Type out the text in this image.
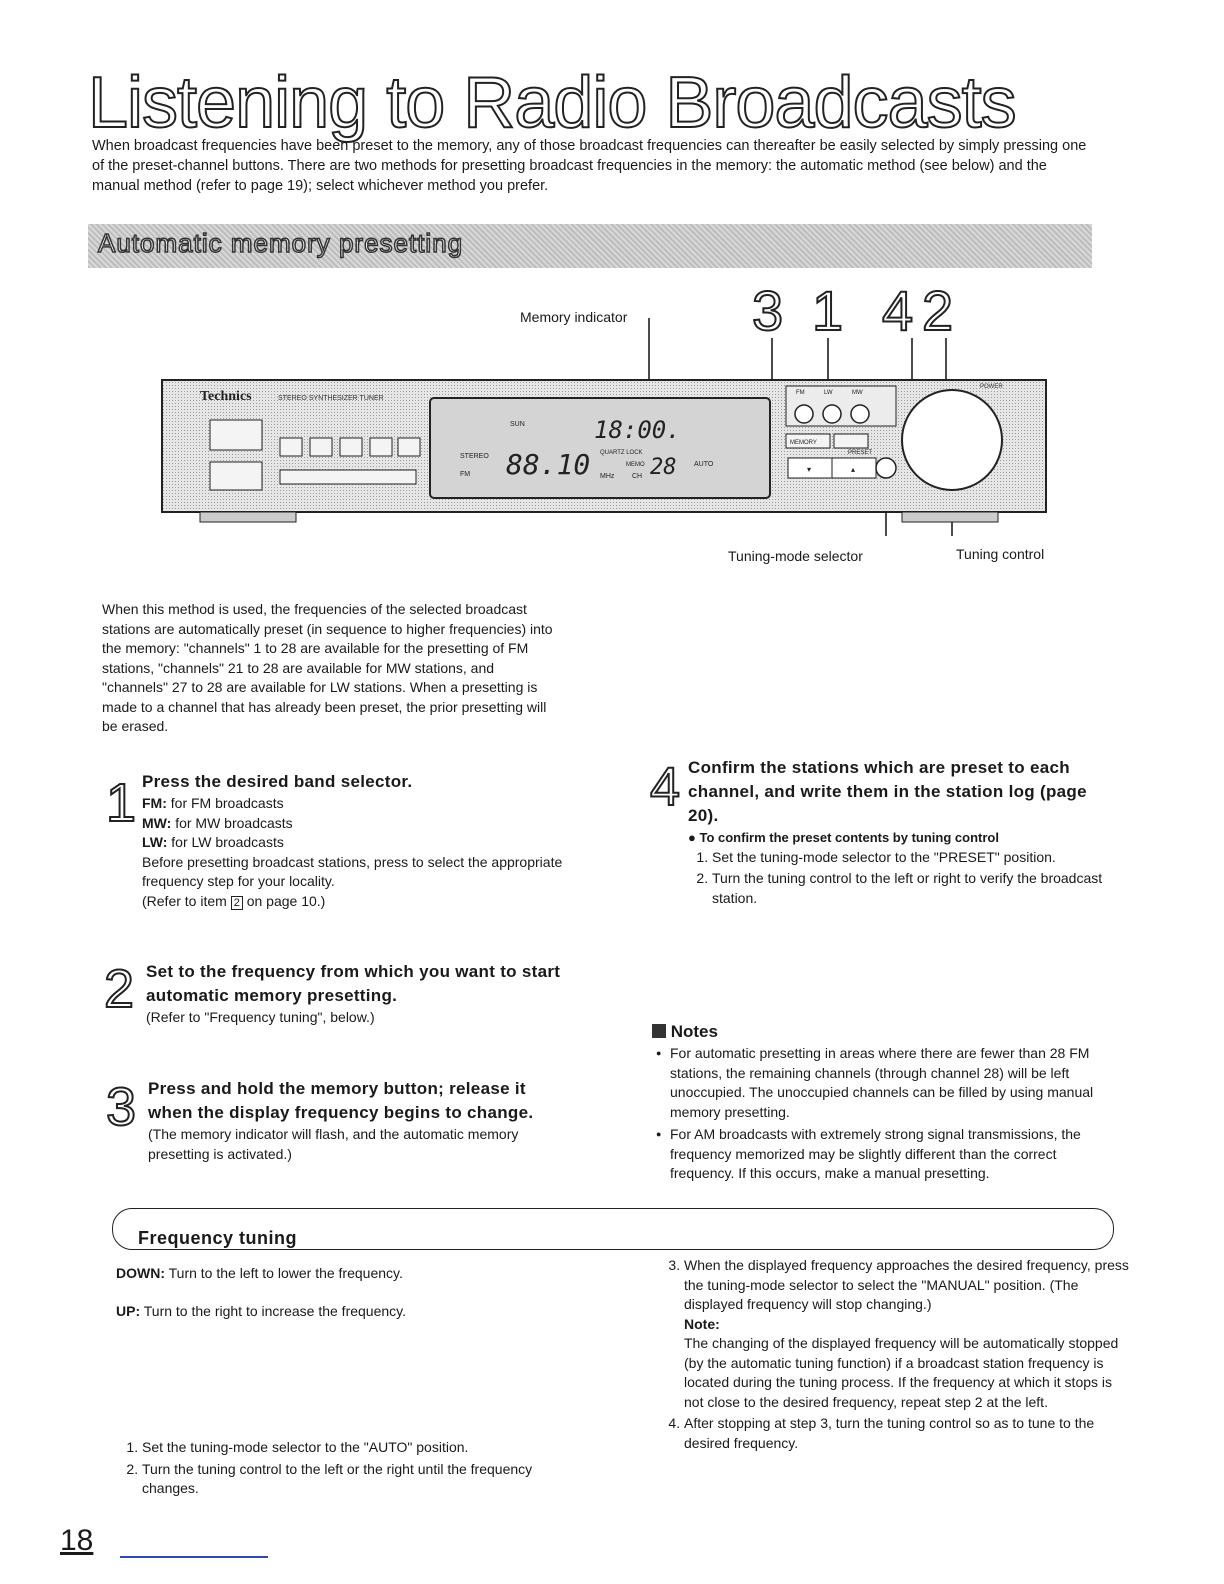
Listening to Radio Broadcasts
When broadcast frequencies have been preset to the memory, any of those broadcast frequencies can thereafter be easily selected by simply pressing one of the preset-channel buttons. There are two methods for presetting broadcast frequencies in the memory: the automatic method (see below) and the manual method (refer to page 19); select whichever method you prefer.
Automatic memory presetting
Memory indicator 3 1 4 2
Tuning-mode selector	Tuning control
Technics	STEREO SYNTHESIZER TUNER
SUN	18:00.
STEREO
FM 88.10 MHz
QUARTZ LOCK
MEMO
CH 28	AUTO
FM	LW	MW
MEMORY
PRESET
▾	▴
POWER
When this method is used, the frequencies of the selected broadcast stations are automatically preset (in sequence to higher frequencies) into the memory: "channels" 1 to 28 are available for the presetting of FM stations, "channels" 21 to 28 are available for MW stations, and "channels" 27 to 28 are available for LW stations. When a presetting is made to a channel that has already been preset, the prior presetting will be erased.
1 Press the desired band selector.
FM: for FM broadcasts
MW: for MW broadcasts
LW: for LW broadcasts
Before presetting broadcast stations, press to select the appropriate frequency step for your locality.
(Refer to item 2 on page 10.)
2 Set to the frequency from which you want to start automatic memory presetting.
(Refer to "Frequency tuning", below.)
3 Press and hold the memory button; release it when the display frequency begins to change.
(The memory indicator will flash, and the automatic memory presetting is activated.)
4 Confirm the stations which are preset to each channel, and write them in the station log (page 20).
● To confirm the preset contents by tuning control
1. Set the tuning-mode selector to the "PRESET" position.
2. Turn the tuning control to the left or right to verify the broadcast station.
Notes
● For automatic presetting in areas where there are fewer than 28 FM stations, the remaining channels (through channel 28) will be left unoccupied. The unoccupied channels can be filled by using manual memory presetting.
● For AM broadcasts with extremely strong signal transmissions, the frequency memorized may be slightly different than the correct frequency. If this occurs, make a manual presetting.
Frequency tuning
DOWN: Turn to the left to lower the frequency.
UP: Turn to the right to increase the frequency.
1. Set the tuning-mode selector to the "AUTO" position.
2. Turn the tuning control to the left or the right until the frequency changes.
3. When the displayed frequency approaches the desired frequency, press the tuning-mode selector to select the "MANUAL" position. (The displayed frequency will stop changing.)
Note:
The changing of the displayed frequency will be automatically stopped (by the automatic tuning function) if a broadcast station frequency is located during the tuning process. If the frequency at which it stops is not close to the desired frequency, repeat step 2 at the left.
4. After stopping at step 3, turn the tuning control so as to tune to the desired frequency.
18
